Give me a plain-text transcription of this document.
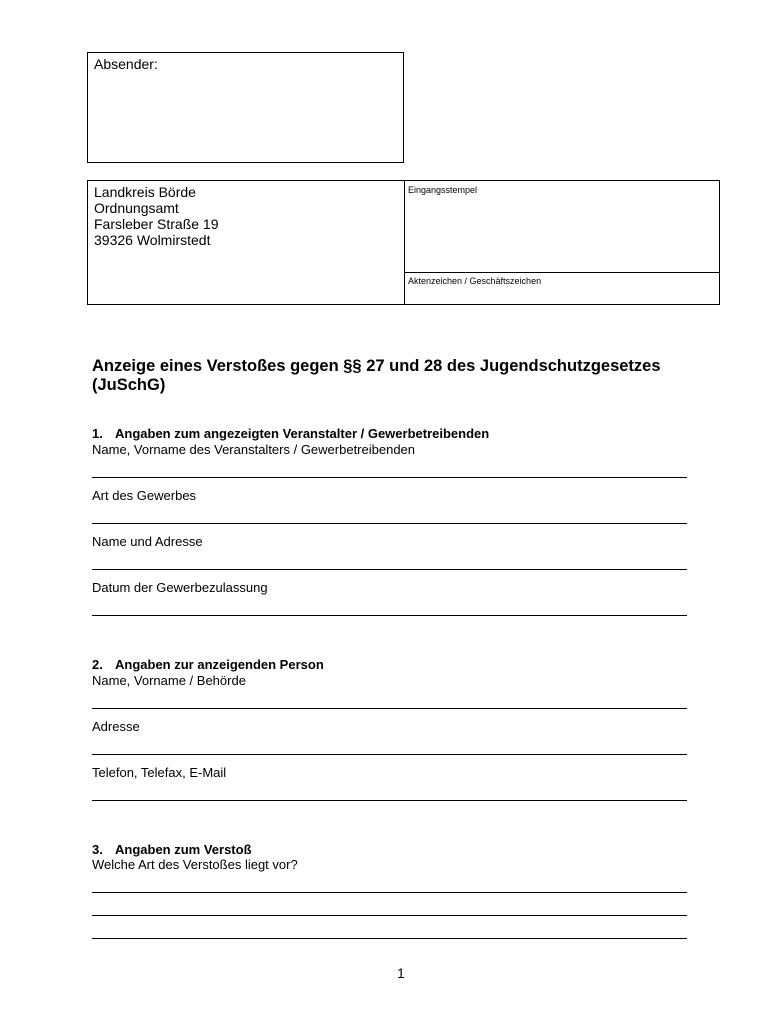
Absender:
Landkreis Börde
Ordnungsamt
Farsleber Straße 19
39326 Wolmirstedt
Eingangsstempel
Aktenzeichen / Geschäftszeichen
Anzeige eines Verstoßes gegen §§ 27 und 28 des Jugendschutzgesetzes
(JuSchG)
1. Angaben zum angezeigten Veranstalter / Gewerbetreibenden
Name, Vorname des Veranstalters / Gewerbetreibenden
Art des Gewerbes
Name und Adresse
Datum der Gewerbezulassung
2. Angaben zur anzeigenden Person
Name, Vorname / Behörde
Adresse
Telefon, Telefax, E-Mail
3. Angaben zum Verstoß
Welche Art des Verstoßes liegt vor?
1
